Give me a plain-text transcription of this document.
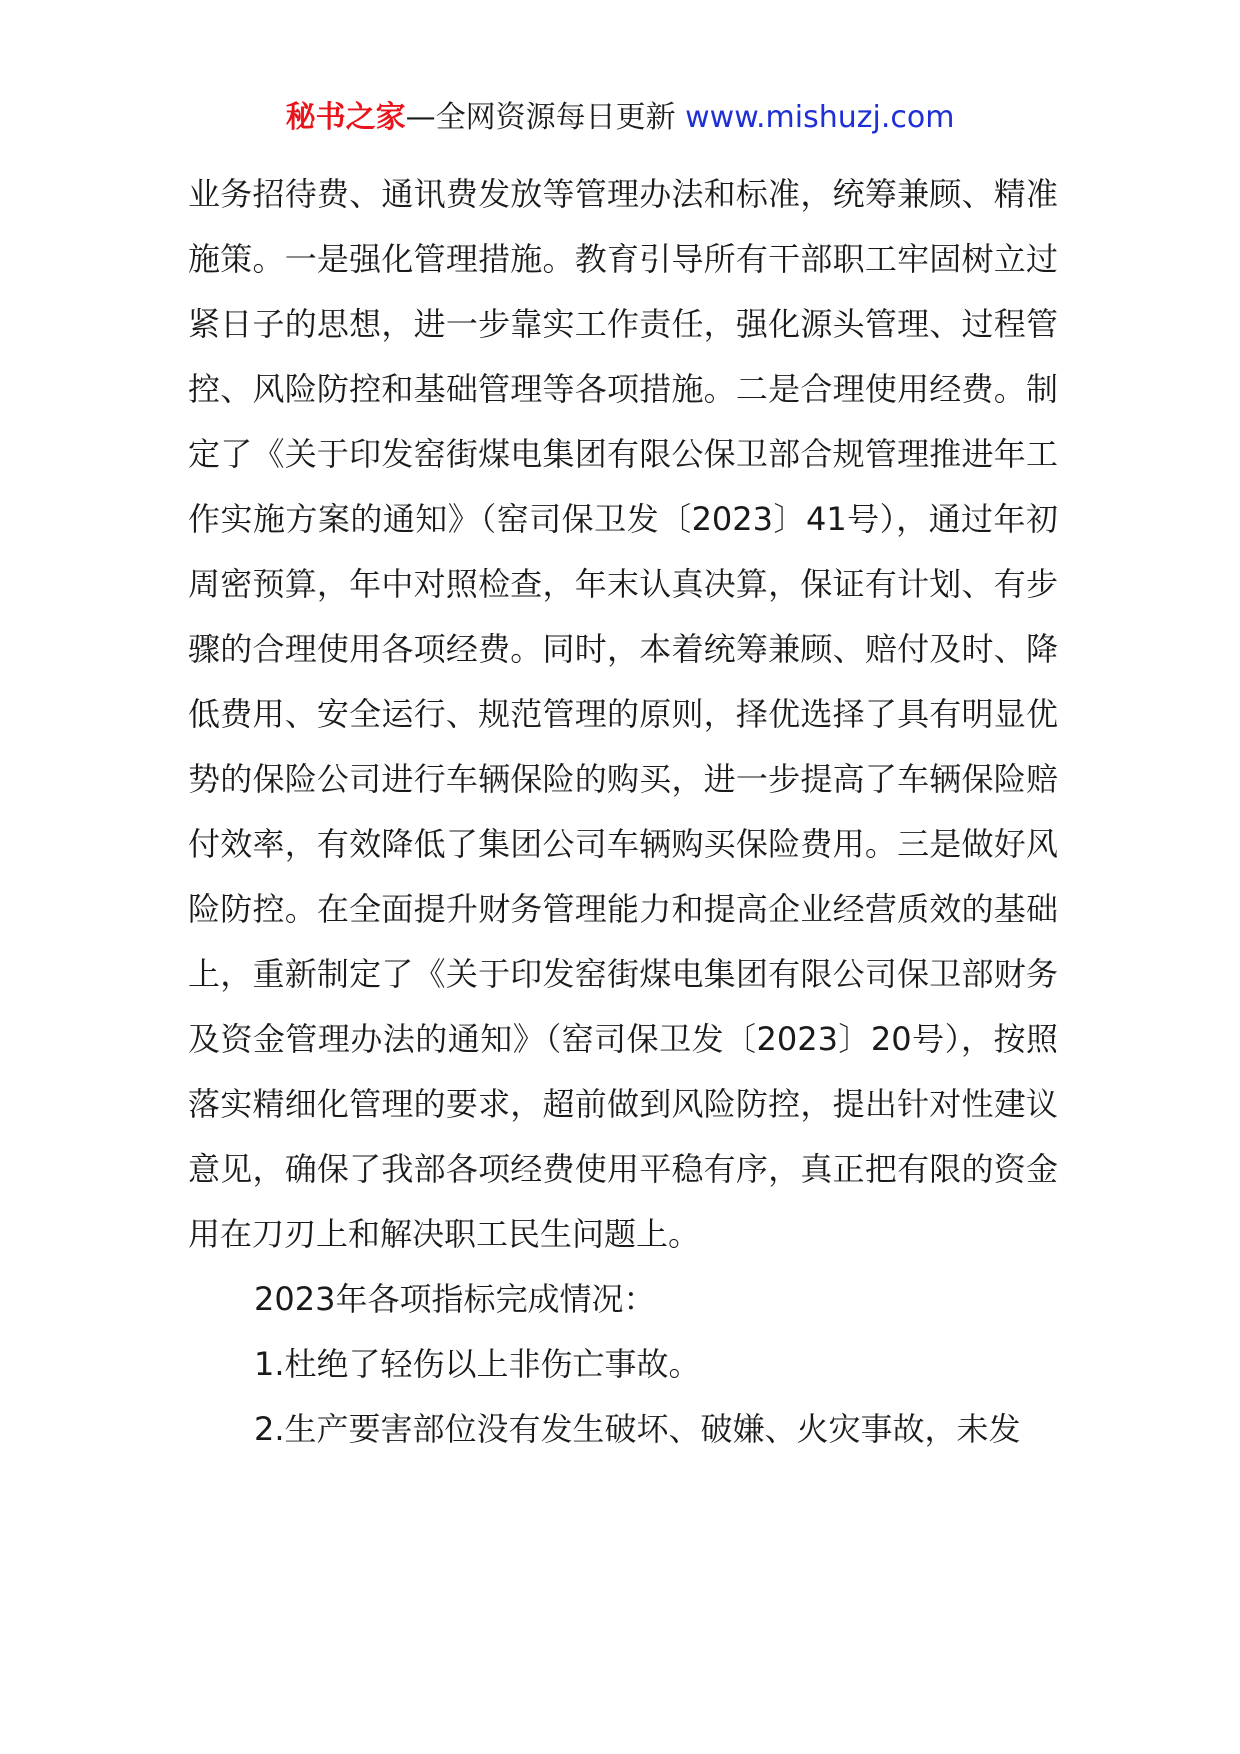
秘书之家—全网资源每日更新 www.mishuzj.com

业务招待费、通讯费发放等管理办法和标准，统筹兼顾、精准施策。一是强化管理措施。教育引导所有干部职工牢固树立过紧日子的思想，进一步靠实工作责任，强化源头管理、过程管控、风险防控和基础管理等各项措施。二是合理使用经费。制定了《关于印发窑街煤电集团有限公保卫部合规管理推进年工作实施方案的通知》（窑司保卫发〔2023〕41号），通过年初周密预算，年中对照检查，年末认真决算，保证有计划、有步骤的合理使用各项经费。同时，本着统筹兼顾、赔付及时、降低费用、安全运行、规范管理的原则，择优选择了具有明显优势的保险公司进行车辆保险的购买，进一步提高了车辆保险赔付效率，有效降低了集团公司车辆购买保险费用。三是做好风险防控。在全面提升财务管理能力和提高企业经营质效的基础上，重新制定了《关于印发窑街煤电集团有限公司保卫部财务及资金管理办法的通知》（窑司保卫发〔2023〕20号），按照落实精细化管理的要求，超前做到风险防控，提出针对性建议意见，确保了我部各项经费使用平稳有序，真正把有限的资金用在刀刃上和解决职工民生问题上。

2023年各项指标完成情况：

1.杜绝了轻伤以上非伤亡事故。

2.生产要害部位没有发生破坏、破嫌、火灾事故，未发
